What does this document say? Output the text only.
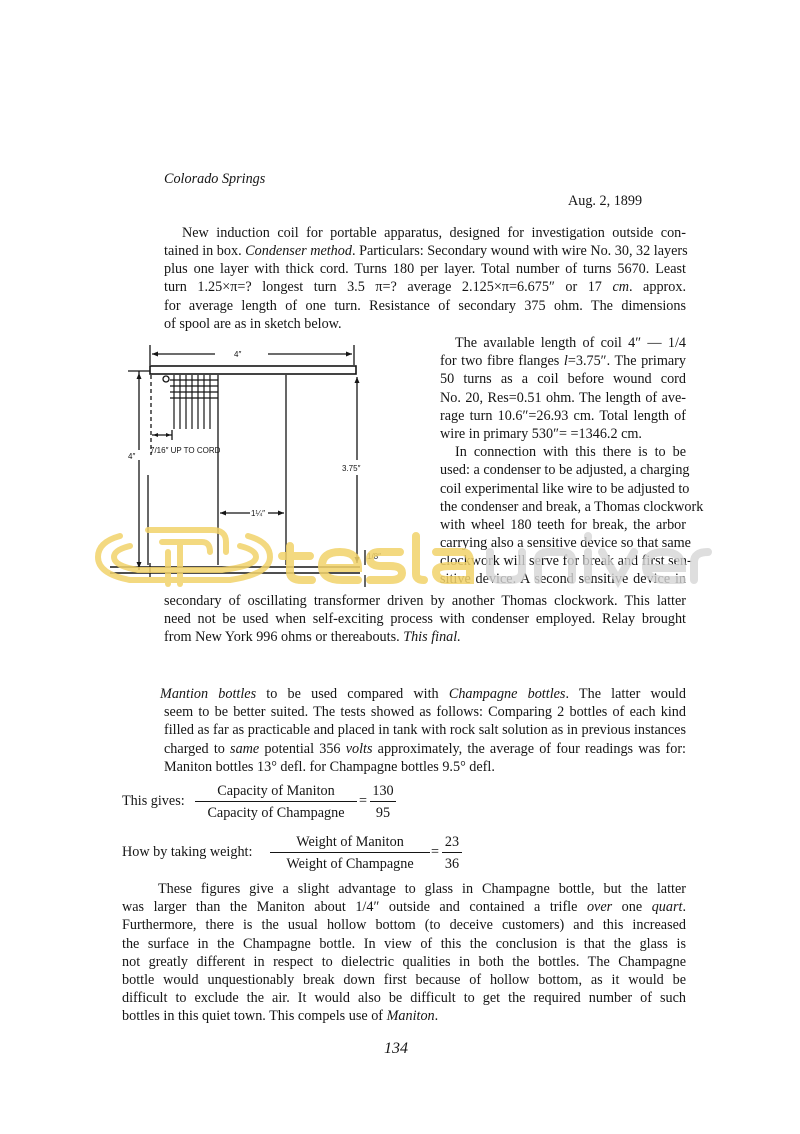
Colorado Springs
Aug. 2, 1899
New induction coil for portable apparatus, designed for investigation outside con-
tained in box. Condenser method. Particulars: Secondary wound with wire No. 30, 32 layers
plus one layer with thick cord. Turns 180 per layer. Total number of turns 5670. Least
turn 1.25×π=? longest turn 3.5 π=? average 2.125×π=6.675″ or 17 cm. approx.
for average length of one turn. Resistance of secondary 375 ohm. The dimensions
of spool are as in sketch below.
4″
4″
3.75″
7/16″ UP TO CORD
1¼″
1/8″
The avaılable length of coil 4″ — 1/4
for two fibre flanges l=3.75″. The primary
50 turns as a coil before wound cord
No. 20, Res=0.51 ohm. The length of ave-
rage turn 10.6″=26.93 cm. Total length of
wire in primary 530″= =1346.2 cm.
In connection with this there is to be
used: a condenser to be adjusted, a charging
coil experimental like wire to be adjusted to
the condenser and break, a Thomas clockwork
with wheel 180 teeth for break, the arbor
carrying also a sensitive device so that same
clockwork will serve for break and first sen-
sitive device. A second sensitive device in
secondary of oscillating transformer driven by another Thomas clockwork. This latter
need not be used when self-exciting process with condenser employed. Relay brought
from New York 996 ohms or thereabouts. This final.
Mantion bottles to be used compared with Champagne bottles. The latter would
seem to be better suited. The tests showed as follows: Comparing 2 bottles of each kind
filled as far as practicable and placed in tank with rock salt solution as in previous instances
charged to same potential 356 volts approximately, the average of four readings was for:
Maniton bottles 13° defl. for Champagne bottles 9.5° defl.
This gives:
Capacity of Maniton
Capacity of Champagne
=
130
95
How by taking weight:
Weight of Maniton
Weight of Champagne
=
23
36
These figures give a slight advantage to glass in Champagne bottle, but the latter
was larger than the Maniton about 1/4″ outside and contained a trifle over one quart.
Furthermore, there is the usual hollow bottom (to deceive customers) and this increased
the surface in the Champagne bottle. In view of this the conclusion is that the glass is
not greatly different in respect to dielectric qualities in both the bottles. The Champagne
bottle would unquestionably break down first because of hollow bottom, as it would be
difficult to exclude the air. It would also be difficult to get the required number of such
bottles in this quiet town. This compels use of Maniton.
134
